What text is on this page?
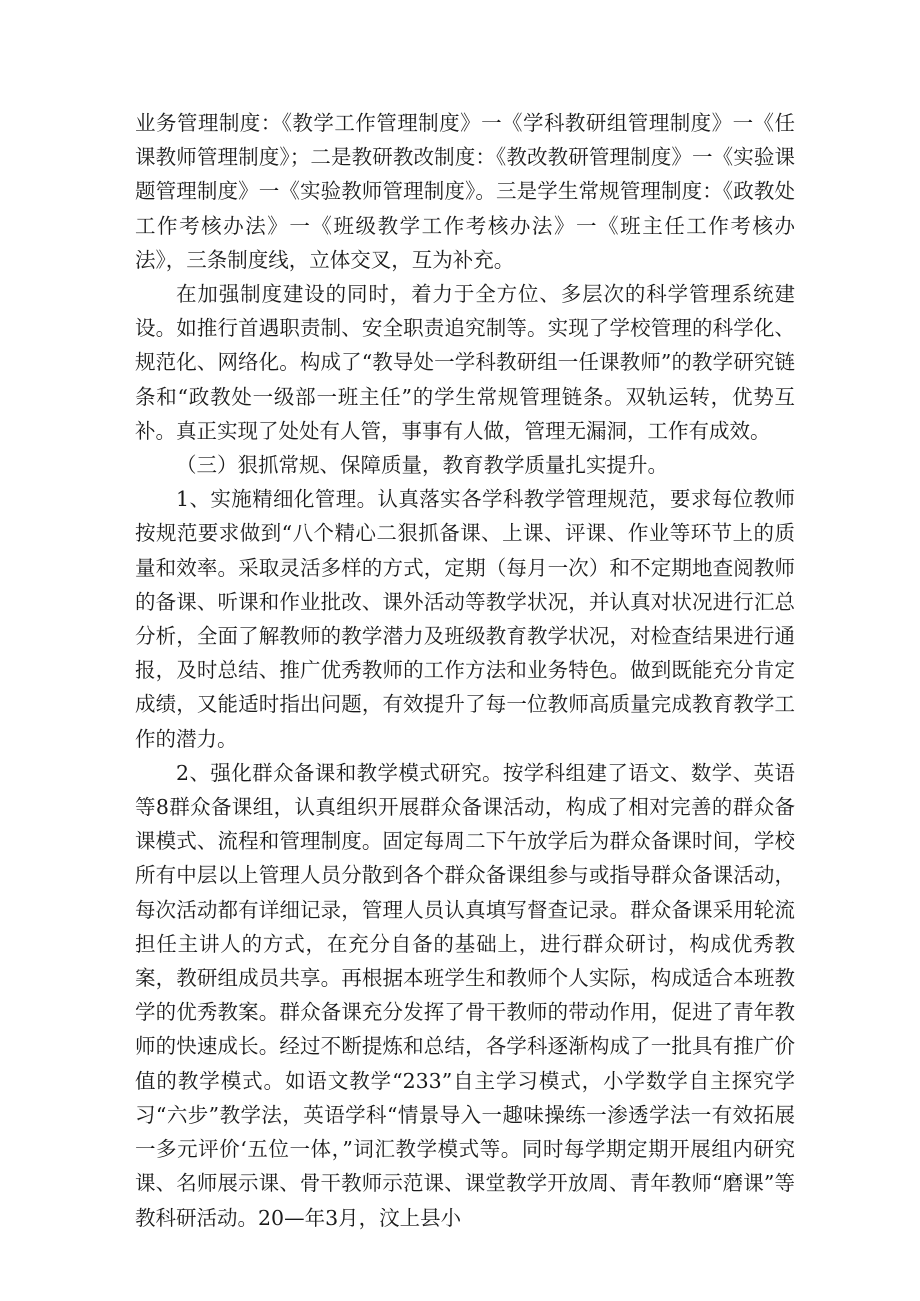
业务管理制度：《教学工作管理制度》一《学科教研组管理制度》一《任课教师管理制度》；二是教研教改制度：《教改教研管理制度》一《实验课题管理制度》一《实验教师管理制度》。三是学生常规管理制度：《政教处工作考核办法》一《班级教学工作考核办法》一《班主任工作考核办法》，三条制度线，立体交叉，互为补充。

在加强制度建设的同时，着力于全方位、多层次的科学管理系统建设。如推行首遇职责制、安全职责追究制等。实现了学校管理的科学化、规范化、网络化。构成了“教导处一学科教研组一任课教师”的教学研究链条和“政教处一级部一班主任”的学生常规管理链条。双轨运转，优势互补。真正实现了处处有人管，事事有人做，管理无漏洞，工作有成效。

（三）狠抓常规、保障质量，教育教学质量扎实提升。

1、实施精细化管理。认真落实各学科教学管理规范，要求每位教师按规范要求做到“八个精心二狠抓备课、上课、评课、作业等环节上的质量和效率。采取灵活多样的方式，定期（每月一次）和不定期地查阅教师的备课、听课和作业批改、课外活动等教学状况，并认真对状况进行汇总分析，全面了解教师的教学潜力及班级教育教学状况，对检查结果进行通报，及时总结、推广优秀教师的工作方法和业务特色。做到既能充分肯定成绩，又能适时指出问题，有效提升了每一位教师高质量完成教育教学工作的潜力。

2、强化群众备课和教学模式研究。按学科组建了语文、数学、英语等8群众备课组，认真组织开展群众备课活动，构成了相对完善的群众备课模式、流程和管理制度。固定每周二下午放学后为群众备课时间，学校所有中层以上管理人员分散到各个群众备课组参与或指导群众备课活动，每次活动都有详细记录，管理人员认真填写督查记录。群众备课采用轮流担任主讲人的方式，在充分自备的基础上，进行群众研讨，构成优秀教案，教研组成员共享。再根据本班学生和教师个人实际，构成适合本班教学的优秀教案。群众备课充分发挥了骨干教师的带动作用，促进了青年教师的快速成长。经过不断提炼和总结，各学科逐渐构成了一批具有推广价值的教学模式。如语文教学“233”自主学习模式，小学数学自主探究学习“六步”教学法，英语学科“情景导入一趣味操练一渗透学法一有效拓展一多元评价‘五位一体，”词汇教学模式等。同时每学期定期开展组内研究课、名师展示课、骨干教师示范课、课堂教学开放周、青年教师“磨课”等教科研活动。20—年3月，汶上县小
